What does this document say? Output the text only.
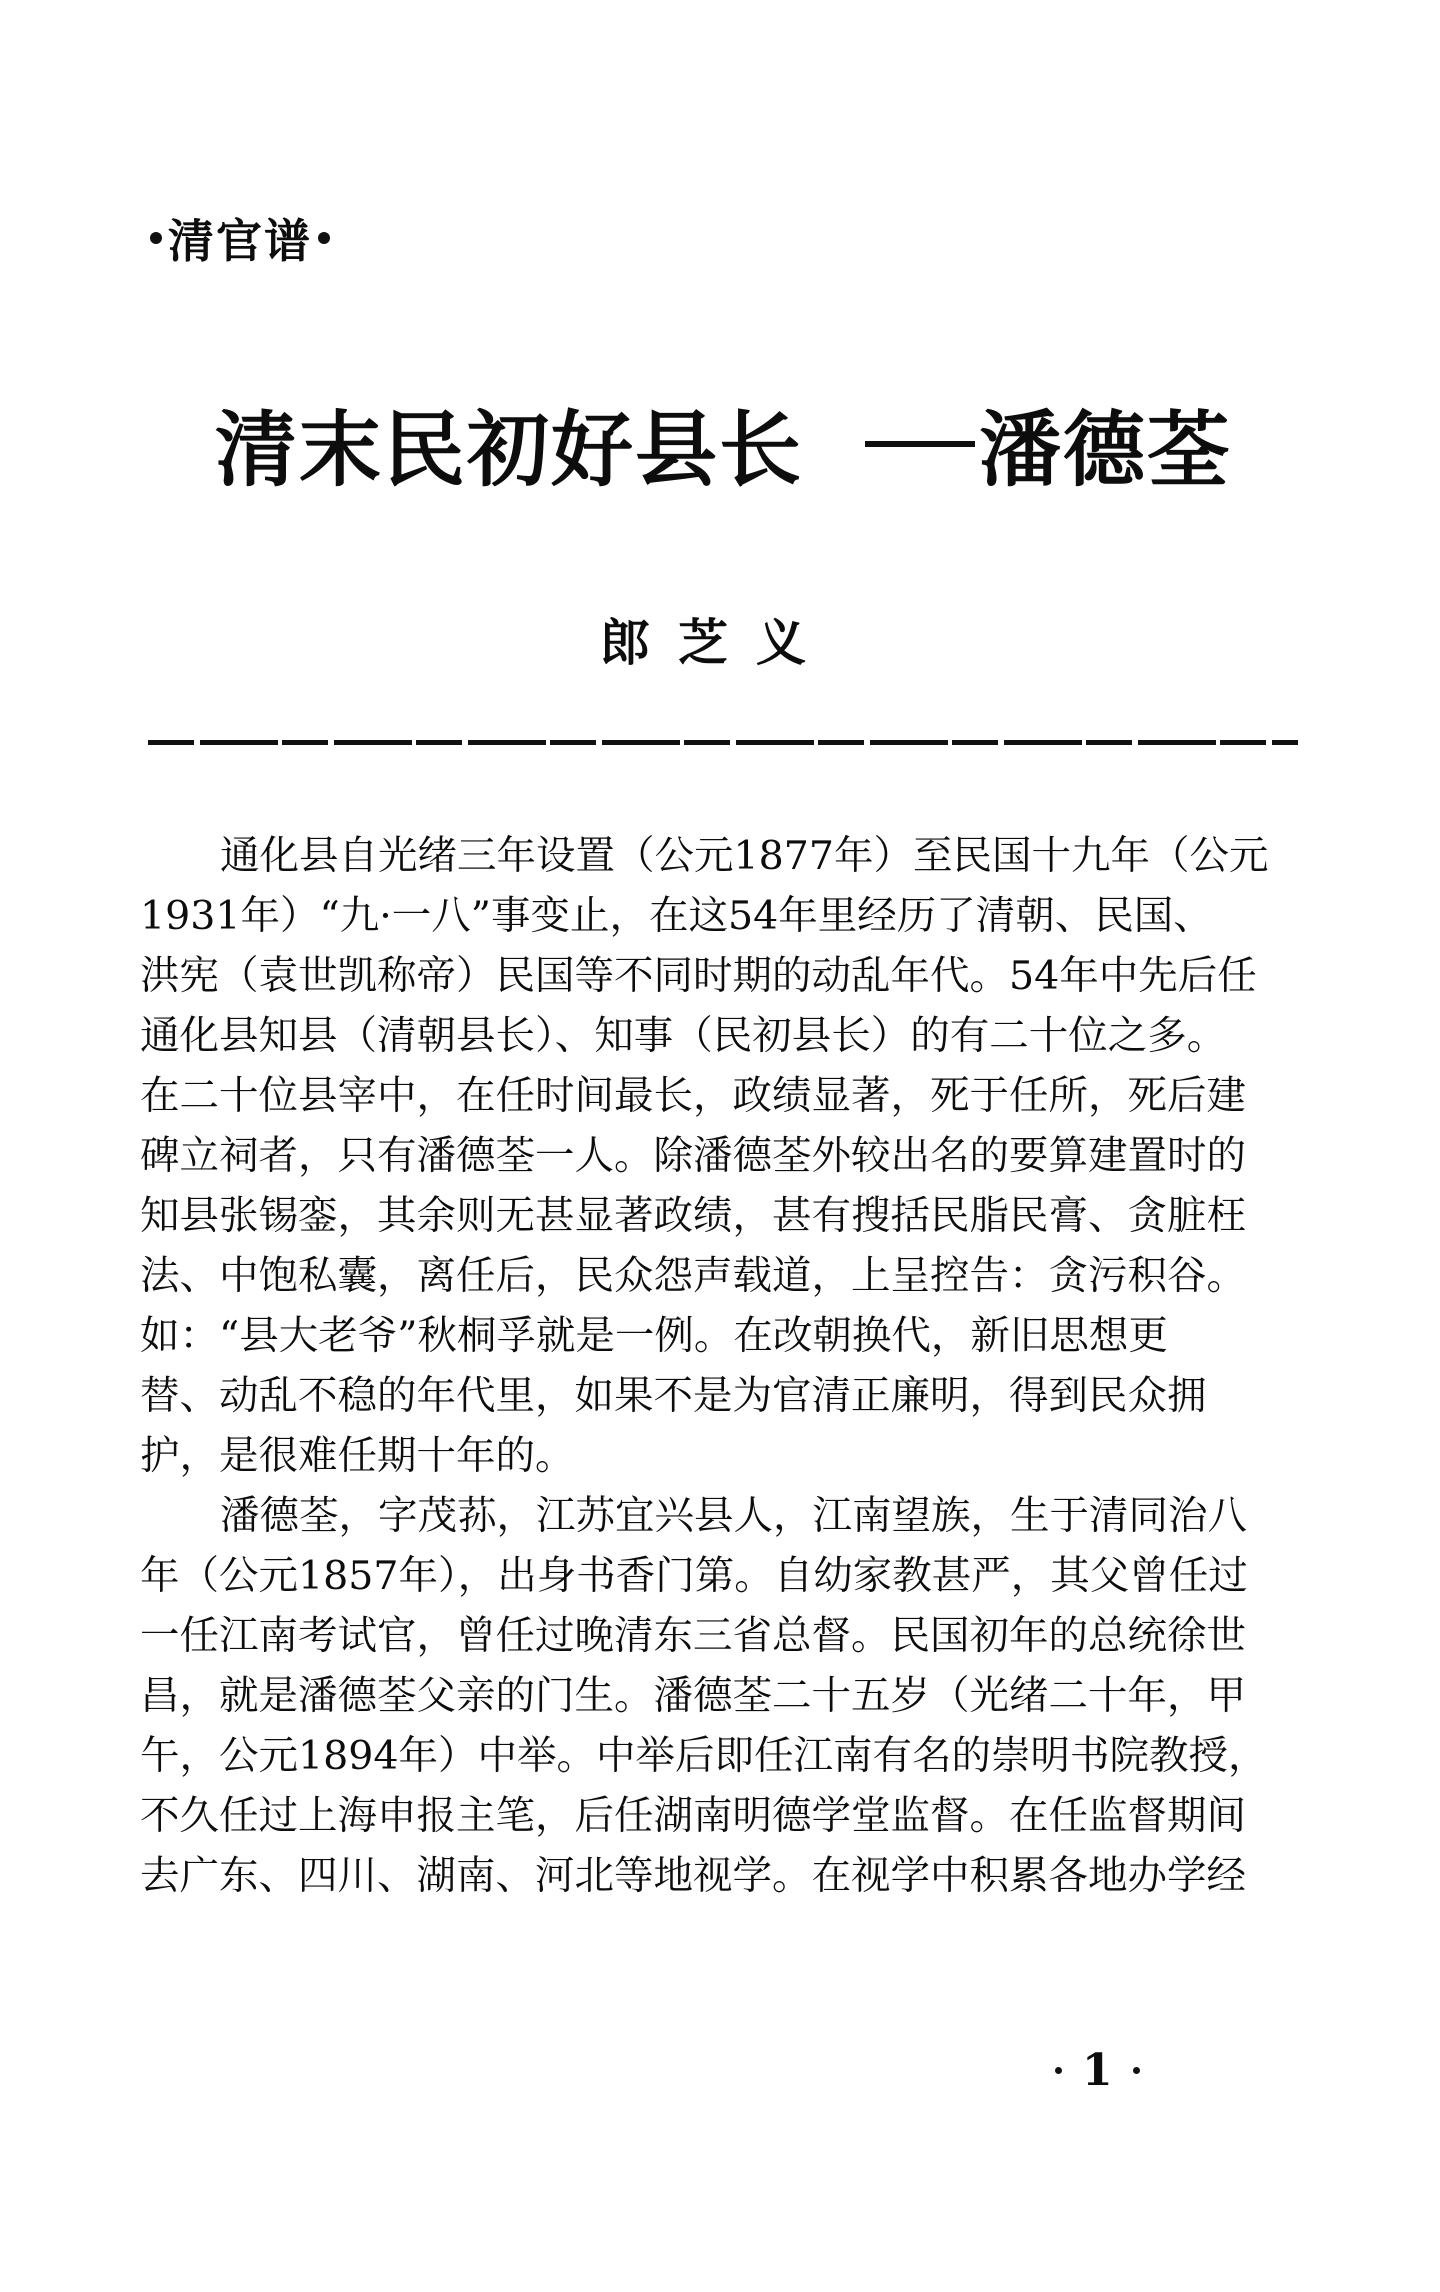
清官谱
清末民初好县长 潘德荃
郎芝义
通化县自光绪三年设置（公元1877年）至民国十九年（公元
1931年）“九·一八”事变止，在这54年里经历了清朝、民国、
洪宪（袁世凯称帝）民国等不同时期的动乱年代。54年中先后任
通化县知县（清朝县长）、知事（民初县长）的有二十位之多。
在二十位县宰中，在任时间最长，政绩显著，死于任所，死后建
碑立祠者，只有潘德荃一人。除潘德荃外较出名的要算建置时的
知县张锡銮，其余则无甚显著政绩，甚有搜括民脂民膏、贪脏枉
法、中饱私囊，离任后，民众怨声载道，上呈控告：贪污积谷。
如：“县大老爷”秋桐孚就是一例。在改朝换代，新旧思想更
替、动乱不稳的年代里，如果不是为官清正廉明，得到民众拥
护，是很难任期十年的。
潘德荃，字茂荪，江苏宜兴县人，江南望族，生于清同治八
年（公元1857年），出身书香门第。自幼家教甚严，其父曾任过
一任江南考试官，曾任过晚清东三省总督。民国初年的总统徐世
昌，就是潘德荃父亲的门生。潘德荃二十五岁（光绪二十年，甲
午，公元1894年）中举。中举后即任江南有名的崇明书院教授，
不久任过上海申报主笔，后任湖南明德学堂监督。在任监督期间
去广东、四川、湖南、河北等地视学。在视学中积累各地办学经
1
